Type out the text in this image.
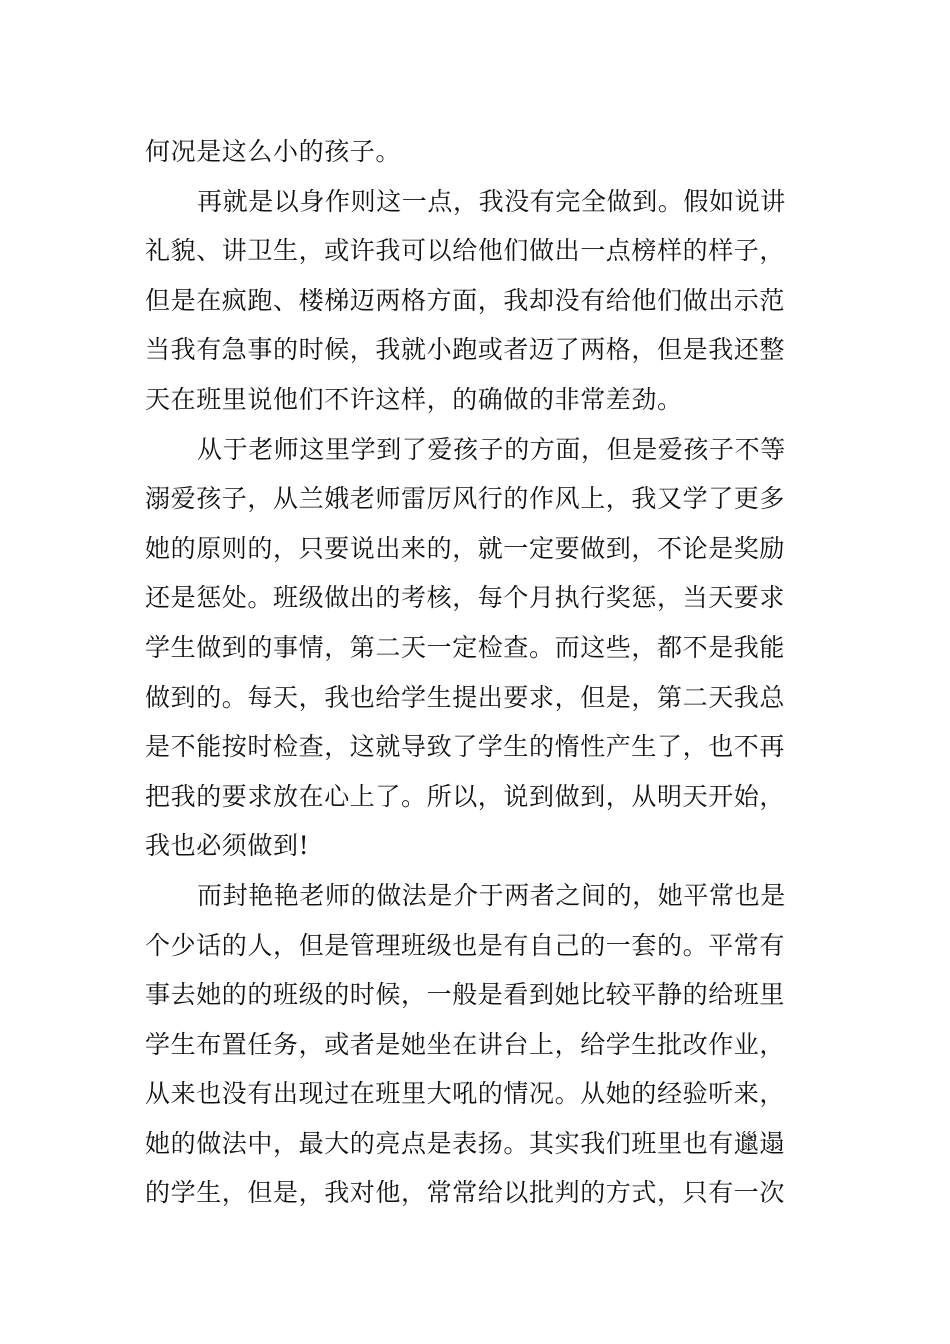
何况是这么小的孩子。
再就是以身作则这一点，我没有完全做到。假如说讲
礼貌、讲卫生，或许我可以给他们做出一点榜样的样子，
但是在疯跑、楼梯迈两格方面，我却没有给他们做出示范
当我有急事的时候，我就小跑或者迈了两格，但是我还整
天在班里说他们不许这样，的确做的非常差劲。
从于老师这里学到了爱孩子的方面，但是爱孩子不等
溺爱孩子，从兰娥老师雷厉风行的作风上，我又学了更多
她的原则的，只要说出来的，就一定要做到，不论是奖励
还是惩处。班级做出的考核，每个月执行奖惩，当天要求
学生做到的事情，第二天一定检查。而这些，都不是我能
做到的。每天，我也给学生提出要求，但是，第二天我总
是不能按时检查，这就导致了学生的惰性产生了，也不再
把我的要求放在心上了。所以，说到做到，从明天开始，
我也必须做到!
而封艳艳老师的做法是介于两者之间的，她平常也是
个少话的人，但是管理班级也是有自己的一套的。平常有
事去她的的班级的时候，一般是看到她比较平静的给班里
学生布置任务，或者是她坐在讲台上，给学生批改作业，
从来也没有出现过在班里大吼的情况。从她的经验听来，
她的做法中，最大的亮点是表扬。其实我们班里也有邋遢
的学生，但是，我对他，常常给以批判的方式，只有一次
